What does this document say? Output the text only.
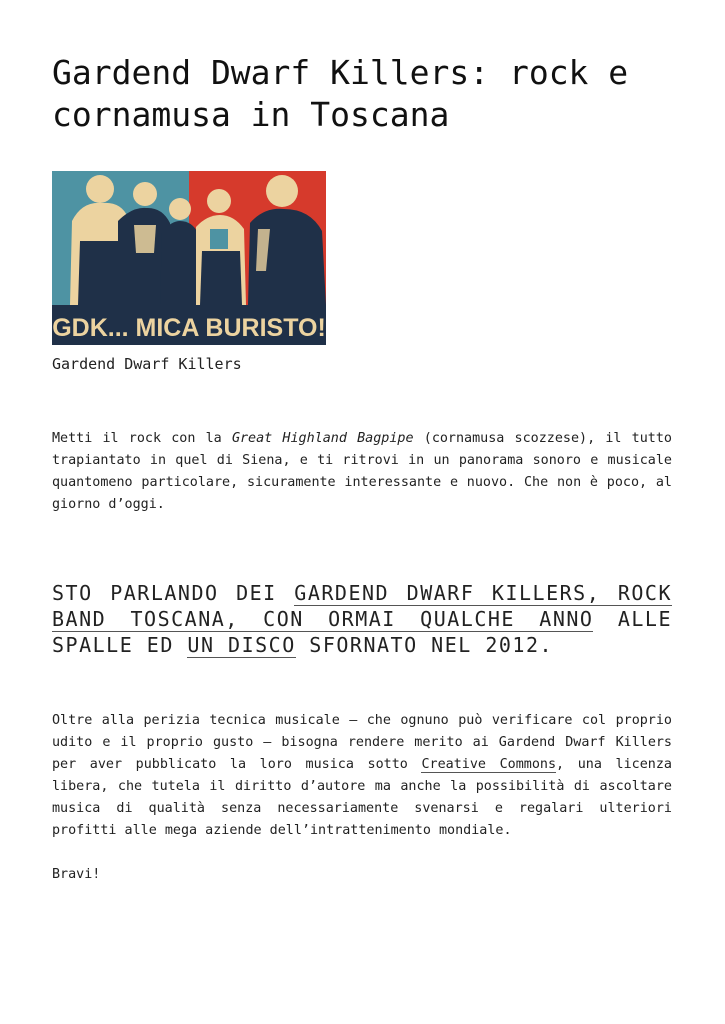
Gardend Dwarf Killers: rock e cornamusa in Toscana
GDK... MICA BURISTO!
Gardend Dwarf Killers

Metti il rock con la Great Highland Bagpipe (cornamusa scozzese), il tutto trapiantato in quel di Siena, e ti ritrovi in un panorama sonoro e musicale quantomeno particolare, sicuramente interessante e nuovo. Che non è poco, al giorno d’oggi.

STO PARLANDO DEI GARDEND DWARF KILLERS, ROCK BAND TOSCANA, CON ORMAI QUALCHE ANNO ALLE SPALLE ED UN DISCO SFORNATO NEL 2012.

Oltre alla perizia tecnica musicale – che ognuno può verificare col proprio udito e il proprio gusto – bisogna rendere merito ai Gardend Dwarf Killers per aver pubblicato la loro musica sotto Creative Commons, una licenza libera, che tutela il diritto d’autore ma anche la possibilità di ascoltare musica di qualità senza necessariamente svenarsi e regalari ulteriori profitti alle mega aziende dell’intrattenimento mondiale.

Bravi!
